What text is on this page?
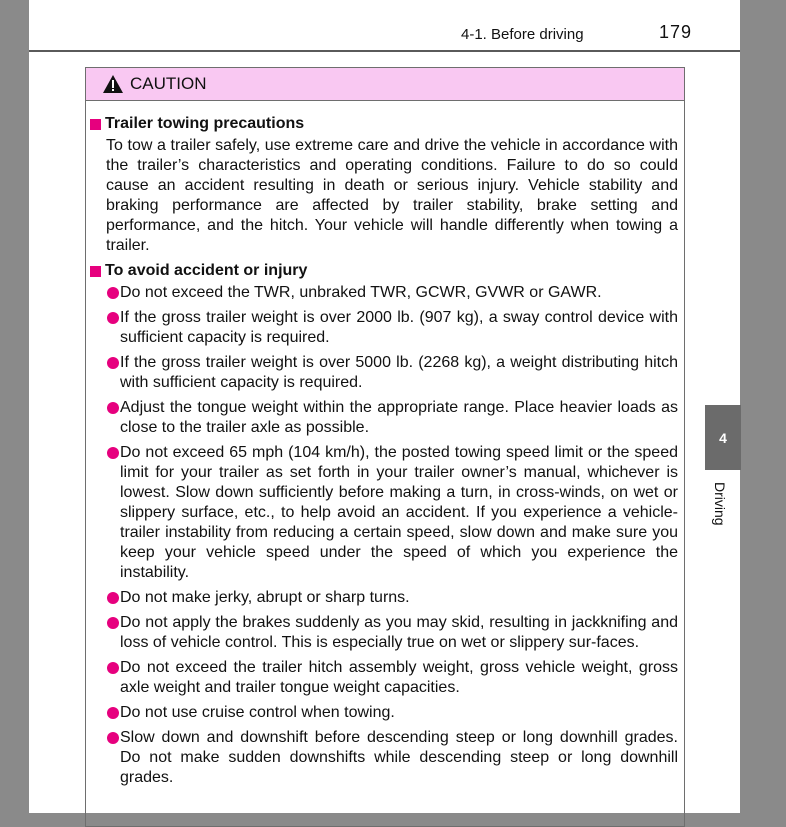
4-1. Before driving	179
CAUTION
Trailer towing precautions

To tow a trailer safely, use extreme care and drive the vehicle in accordance with the trailer’s characteristics and operating conditions. Failure to do so could cause an accident resulting in death or serious injury. Vehicle stability and braking performance are affected by trailer stability, brake setting and performance, and the hitch. Your vehicle will handle differently when towing a trailer.

To avoid accident or injury
Do not exceed the TWR, unbraked TWR, GCWR, GVWR or GAWR.
If the gross trailer weight is over 2000 lb. (907 kg), a sway control device with sufficient capacity is required.
If the gross trailer weight is over 5000 lb. (2268 kg), a weight distributing hitch with sufficient capacity is required.
Adjust the tongue weight within the appropriate range. Place heavier loads as close to the trailer axle as possible.
Do not exceed 65 mph (104 km/h), the posted towing speed limit or the speed limit for your trailer as set forth in your trailer owner’s manual, whichever is lowest. Slow down sufficiently before making a turn, in cross-winds, on wet or slippery surface, etc., to help avoid an accident. If you experience a vehicle-trailer instability from reducing a certain speed, slow down and make sure you keep your vehicle speed under the speed of which you experience the instability.
Do not make jerky, abrupt or sharp turns.
Do not apply the brakes suddenly as you may skid, resulting in jackknifing and loss of vehicle control. This is especially true on wet or slippery sur-faces.
Do not exceed the trailer hitch assembly weight, gross vehicle weight, gross axle weight and trailer tongue weight capacities.
Do not use cruise control when towing.
Slow down and downshift before descending steep or long downhill grades. Do not make sudden downshifts while descending steep or long downhill grades.
4
Driving
